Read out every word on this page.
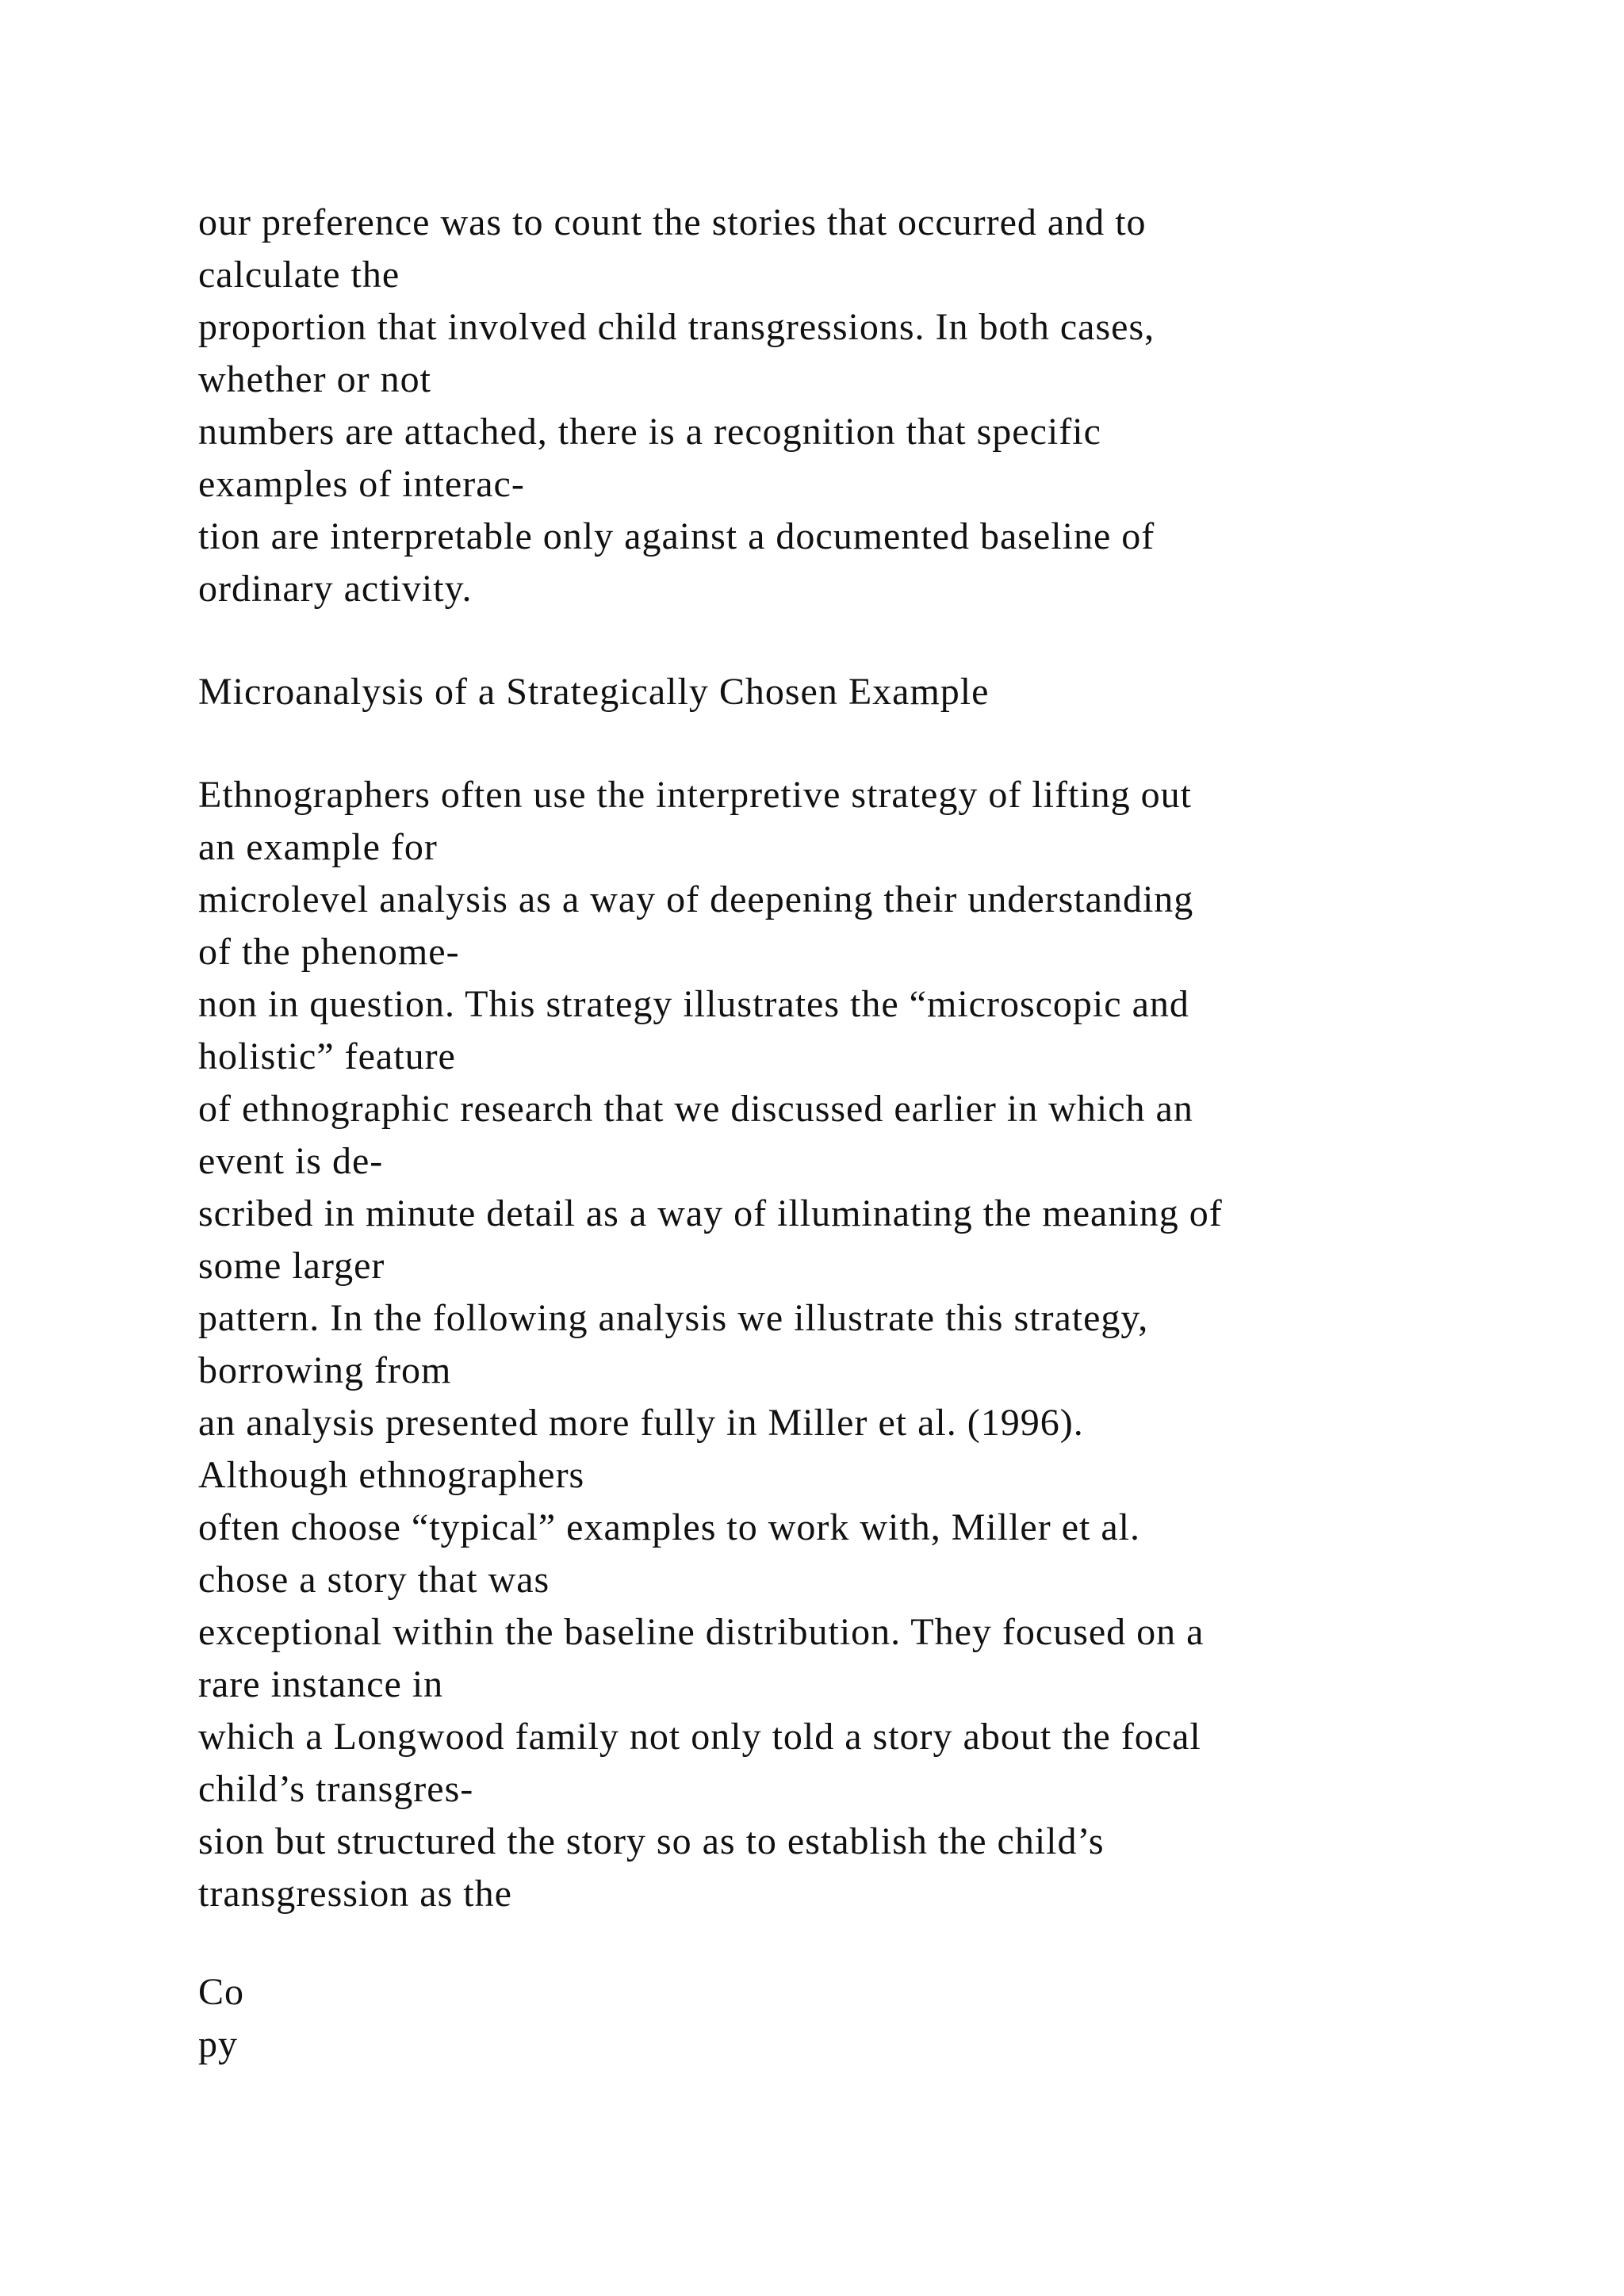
our preference was to count the stories that occurred and to
calculate the
proportion that involved child transgressions. In both cases,
whether or not
numbers are attached, there is a recognition that specific
examples of interac-
tion are interpretable only against a documented baseline of
ordinary activity.
Microanalysis of a Strategically Chosen Example
Ethnographers often use the interpretive strategy of lifting out
an example for
microlevel analysis as a way of deepening their understanding
of the phenome-
non in question. This strategy illustrates the “microscopic and
holistic” feature
of ethnographic research that we discussed earlier in which an
event is de-
scribed in minute detail as a way of illuminating the meaning of
some larger
pattern. In the following analysis we illustrate this strategy,
borrowing from
an analysis presented more fully in Miller et al. (1996).
Although ethnographers
often choose “typical” examples to work with, Miller et al.
chose a story that was
exceptional within the baseline distribution. They focused on a
rare instance in
which a Longwood family not only told a story about the focal
child’s transgres-
sion but structured the story so as to establish the child’s
transgression as the
Co
py
